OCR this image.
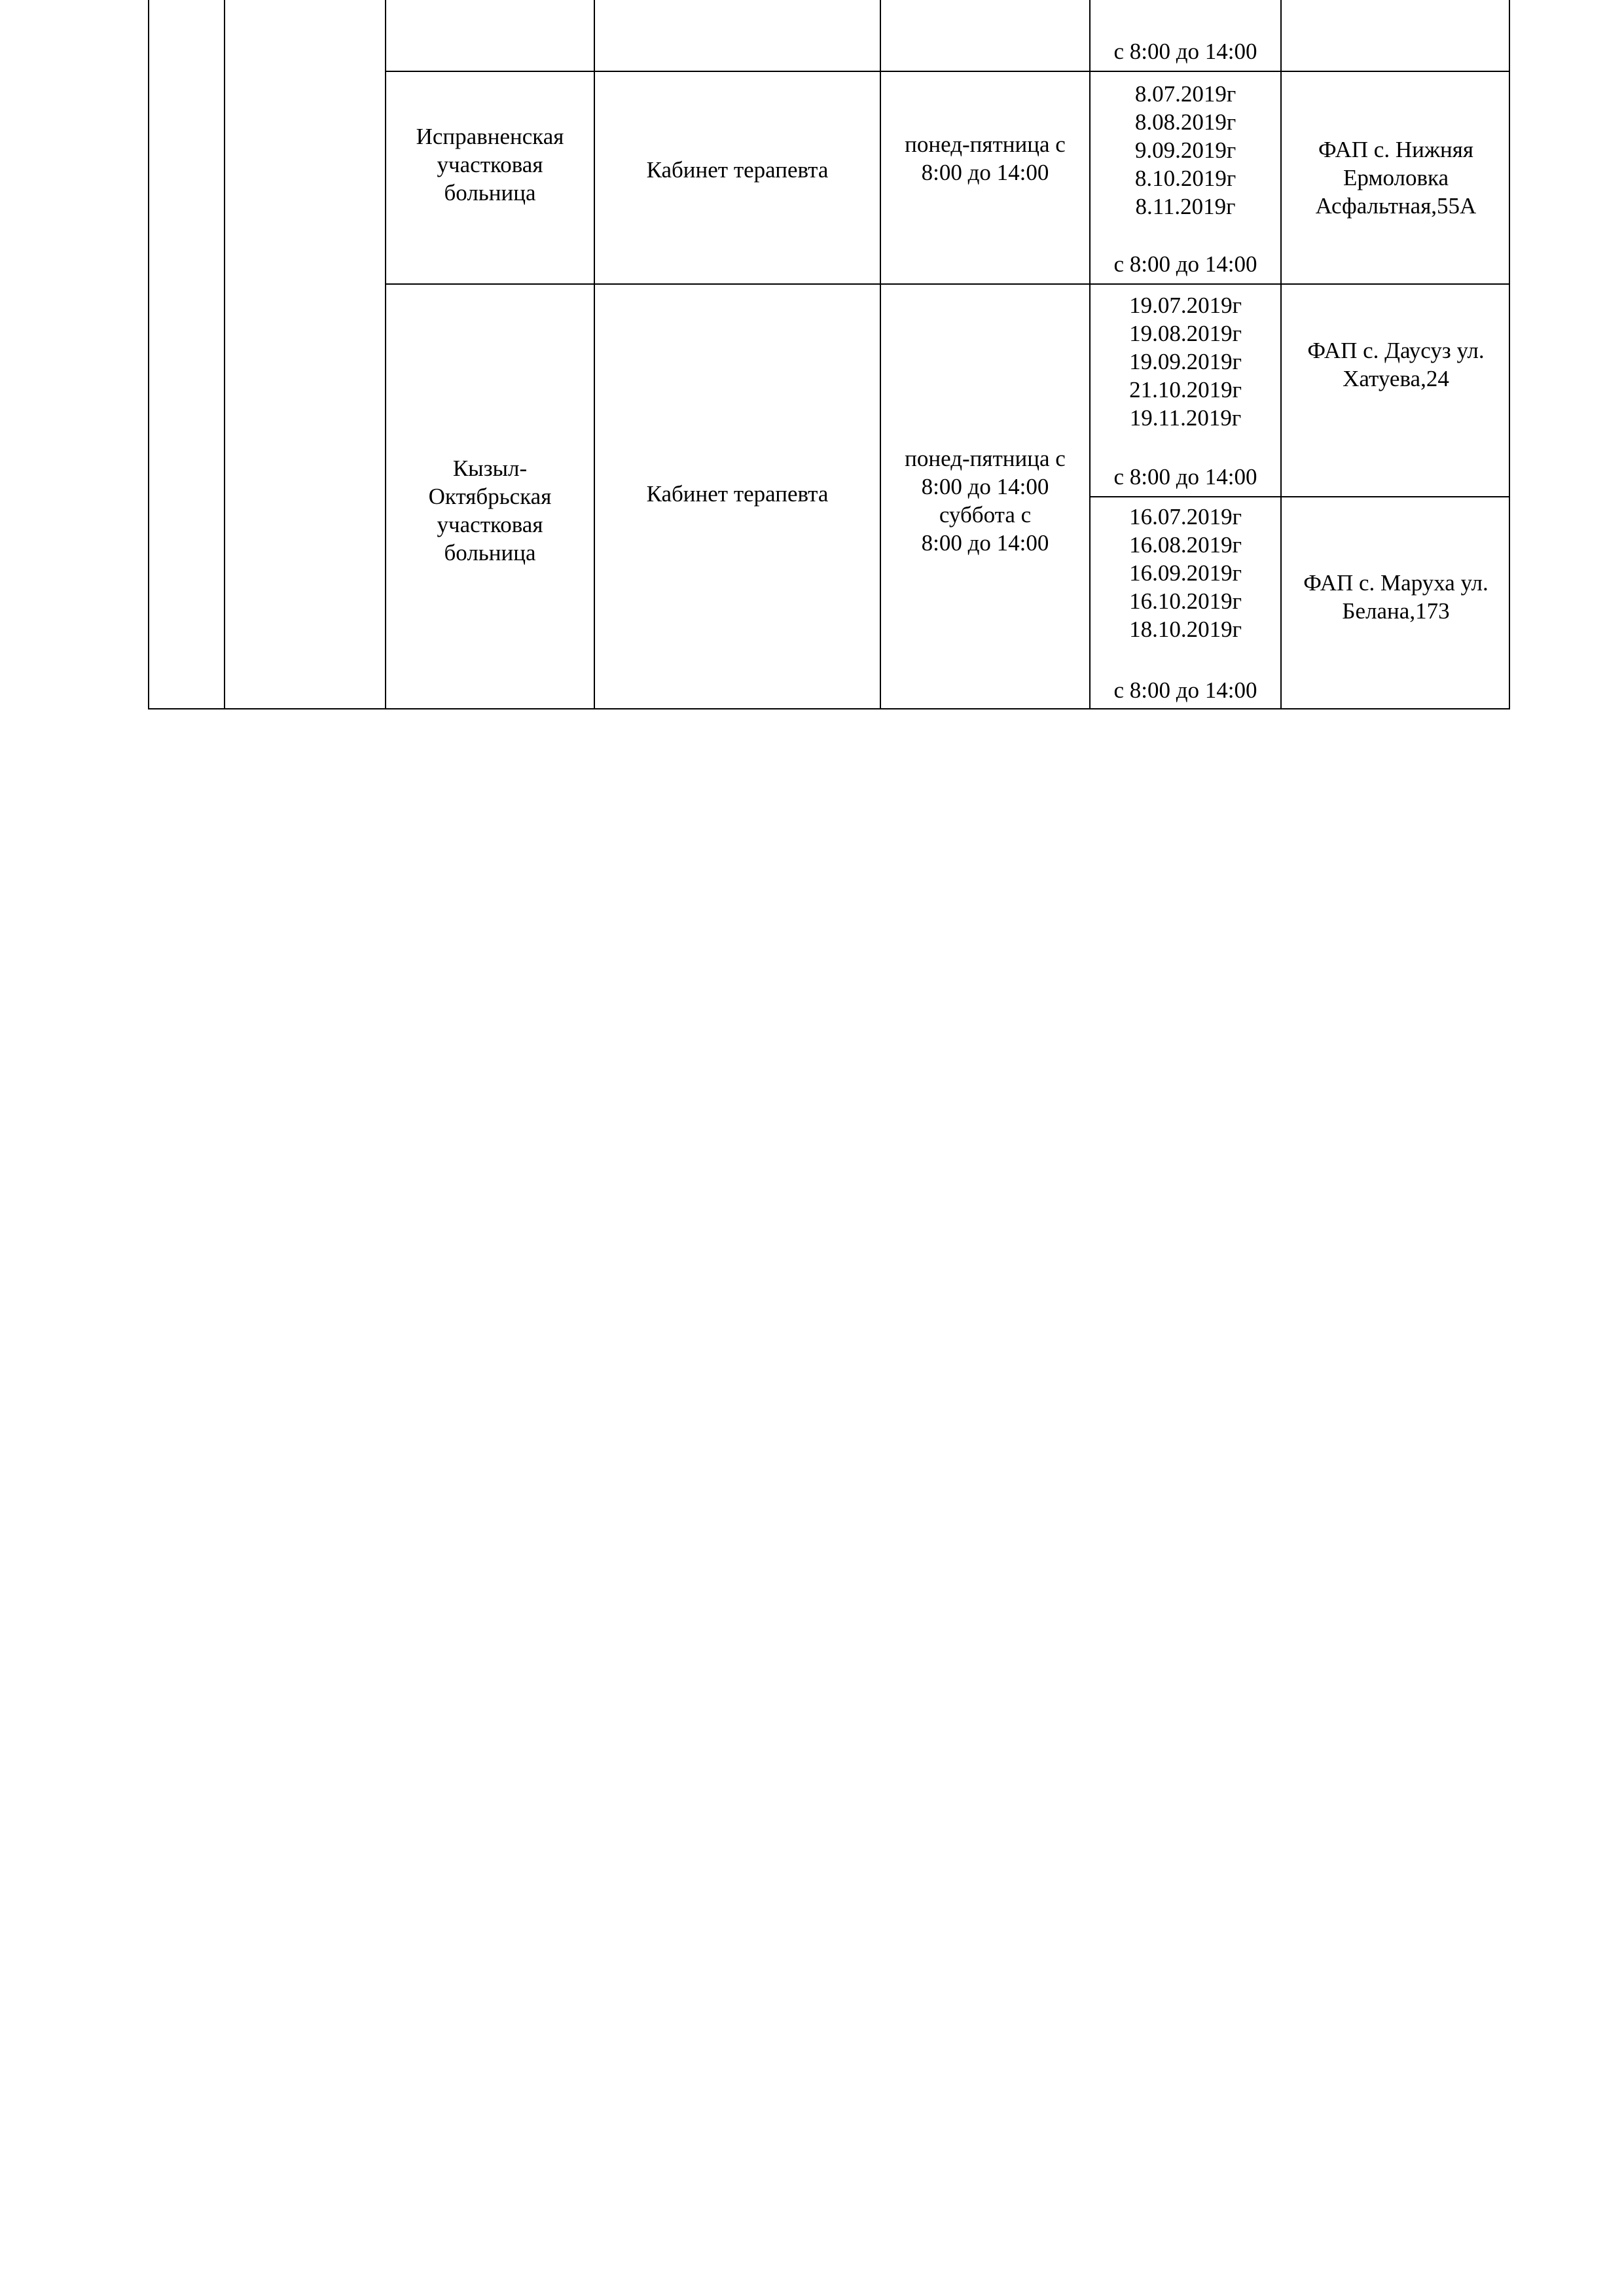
с 8:00 до 14:00
Исправненская
участковая
больница
Кабинет терапевта
понед-пятница с
8:00 до 14:00
8.07.2019г
8.08.2019г
9.09.2019г
8.10.2019г
8.11.2019г
с 8:00 до 14:00
ФАП с. Нижняя
Ермоловка
Асфальтная,55А
Кызыл-
Октябрьская
участковая
больница
Кабинет терапевта
понед-пятница с
8:00 до 14:00
суббота с
8:00 до 14:00
19.07.2019г
19.08.2019г
19.09.2019г
21.10.2019г
19.11.2019г
с 8:00 до 14:00
ФАП с. Даусуз ул.
Хатуева,24
16.07.2019г
16.08.2019г
16.09.2019г
16.10.2019г
18.10.2019г
с 8:00 до 14:00
ФАП с. Маруха ул.
Белана,173
